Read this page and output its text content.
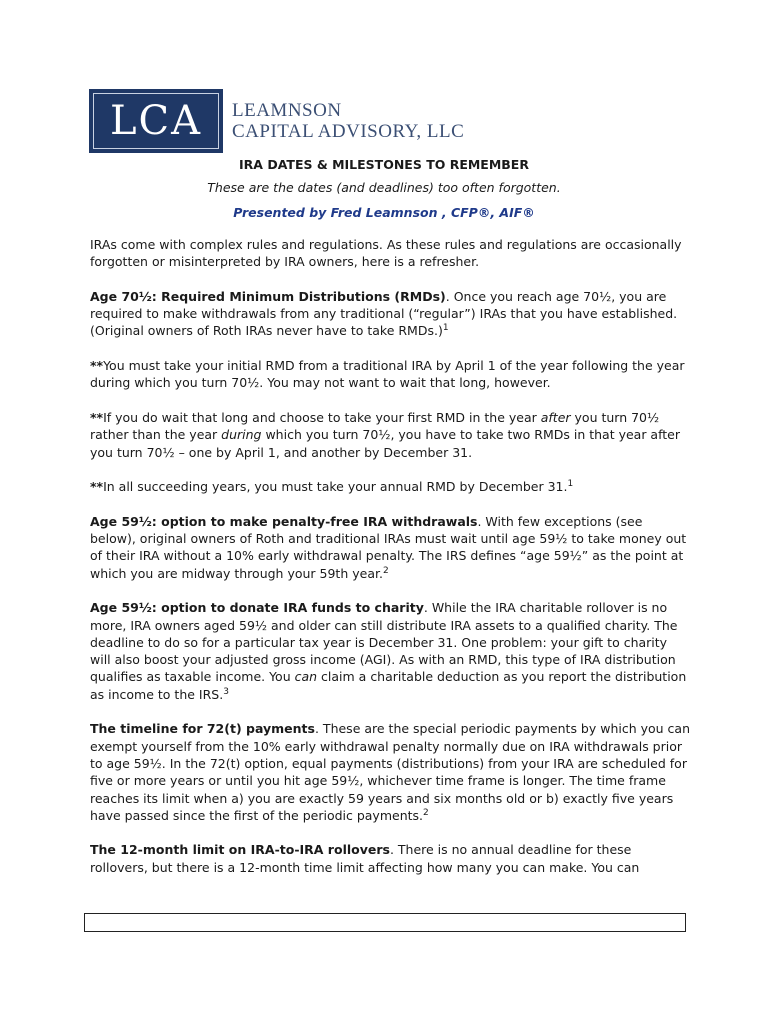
LCA	LEAMNSON
CAPITAL ADVISORY, LLC
IRA DATES & MILESTONES TO REMEMBER
These are the dates (and deadlines) too often forgotten.
Presented by Fred Leamnson , CFP®, AIF®

IRAs come with complex rules and regulations. As these rules and regulations are occasionally forgotten or misinterpreted by IRA owners, here is a refresher.

Age 70½: Required Minimum Distributions (RMDs). Once you reach age 70½, you are required to make withdrawals from any traditional (“regular”) IRAs that you have established. (Original owners of Roth IRAs never have to take RMDs.)$^1$

**You must take your initial RMD from a traditional IRA by April 1 of the year following the year during which you turn 70½. You may not want to wait that long, however.

**If you do wait that long and choose to take your first RMD in the year after you turn 70½ rather than the year during which you turn 70½, you have to take two RMDs in that year after you turn 70½ – one by April 1, and another by December 31.

**In all succeeding years, you must take your annual RMD by December 31.$^1$

Age 59½: option to make penalty-free IRA withdrawals. With few exceptions (see below), original owners of Roth and traditional IRAs must wait until age 59½ to take money out of their IRA without a 10% early withdrawal penalty. The IRS defines “age 59½” as the point at which you are midway through your 59th year.$^2$

Age 59½: option to donate IRA funds to charity. While the IRA charitable rollover is no more, IRA owners aged 59½ and older can still distribute IRA assets to a qualified charity. The deadline to do so for a particular tax year is December 31. One problem: your gift to charity will also boost your adjusted gross income (AGI). As with an RMD, this type of IRA distribution qualifies as taxable income. You can claim a charitable deduction as you report the distribution as income to the IRS.$^3$

The timeline for 72(t) payments. These are the special periodic payments by which you can exempt yourself from the 10% early withdrawal penalty normally due on IRA withdrawals prior to age 59½. In the 72(t) option, equal payments (distributions) from your IRA are scheduled for five or more years or until you hit age 59½, whichever time frame is longer. The time frame reaches its limit when a) you are exactly 59 years and six months old or b) exactly five years have passed since the first of the periodic payments.$^2$

The 12-month limit on IRA-to-IRA rollovers. There is no annual deadline for these rollovers, but there is a 12-month time limit affecting how many you can make. You can
